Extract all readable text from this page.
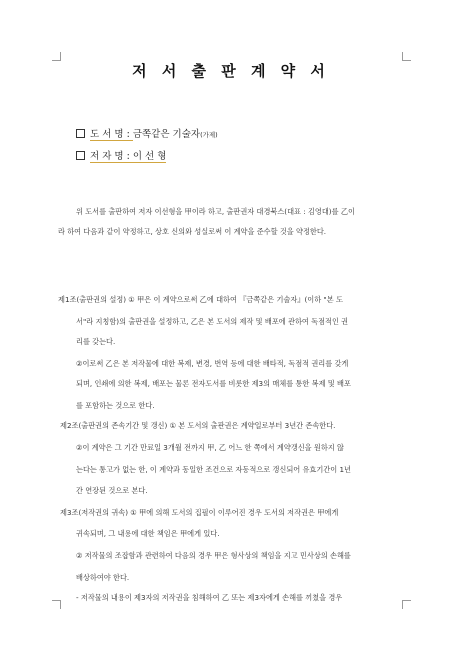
저 서 출 판 계 약 서
도 서 명 : 금쪽같은 기술자(가제)
저 자 명 : 이 선 형
위 도서를 출판하여 저자 이선형을 甲이라 하고, 출판권자 대경북스(대표 : 김영대)를 乙이
라 하여 다음과 같이 약정하고, 상호 신의와 성실로써 이 계약을 준수할 것을 약정한다.
제1조(출판권의 설정) ① 甲은 이 계약으로써 乙에 대하여 『금쪽같은 기술자』(이하 "본 도
서"라 지칭함)의 출판권을 설정하고, 乙은 본 도서의 제작 및 배포에 관하여 독점적인 권
리를 갖는다.
②이로써 乙은 본 저작물에 대한 복제, 변경, 번역 등에 대한 배타적, 독점적 권리를 갖게
되며, 인쇄에 의한 복제, 배포는 물론 전자도서를 비롯한 제3의 매체를 통한 복제 및 배포
를 포함하는 것으로 한다.
제2조(출판권의 존속기간 및 갱신) ① 본 도서의 출판권은 계약일로부터 3년간 존속한다.
②이 계약은 그 기간 만료일 3개월 전까지 甲, 乙 어느 한 쪽에서 계약갱신을 원하지 않
는다는 통고가 없는 한, 이 계약과 동일한 조건으로 자동적으로 갱신되어 유효기간이 1년
간 연장된 것으로 본다.
제3조(저작권의 귀속) ① 甲에 의해 도서의 집필이 이루어진 경우 도서의 저작권은 甲에게
귀속되며, 그 내용에 대한 책임은 甲에게 있다.
② 저작물의 조잡함과 관련하여 다음의 경우 甲은 형사상의 책임을 지고 민사상의 손해를
배상하여야 한다.
- 저작물의 내용이 제3자의 저작권을 침해하여 乙 또는 제3자에게 손해를 끼쳤을 경우
